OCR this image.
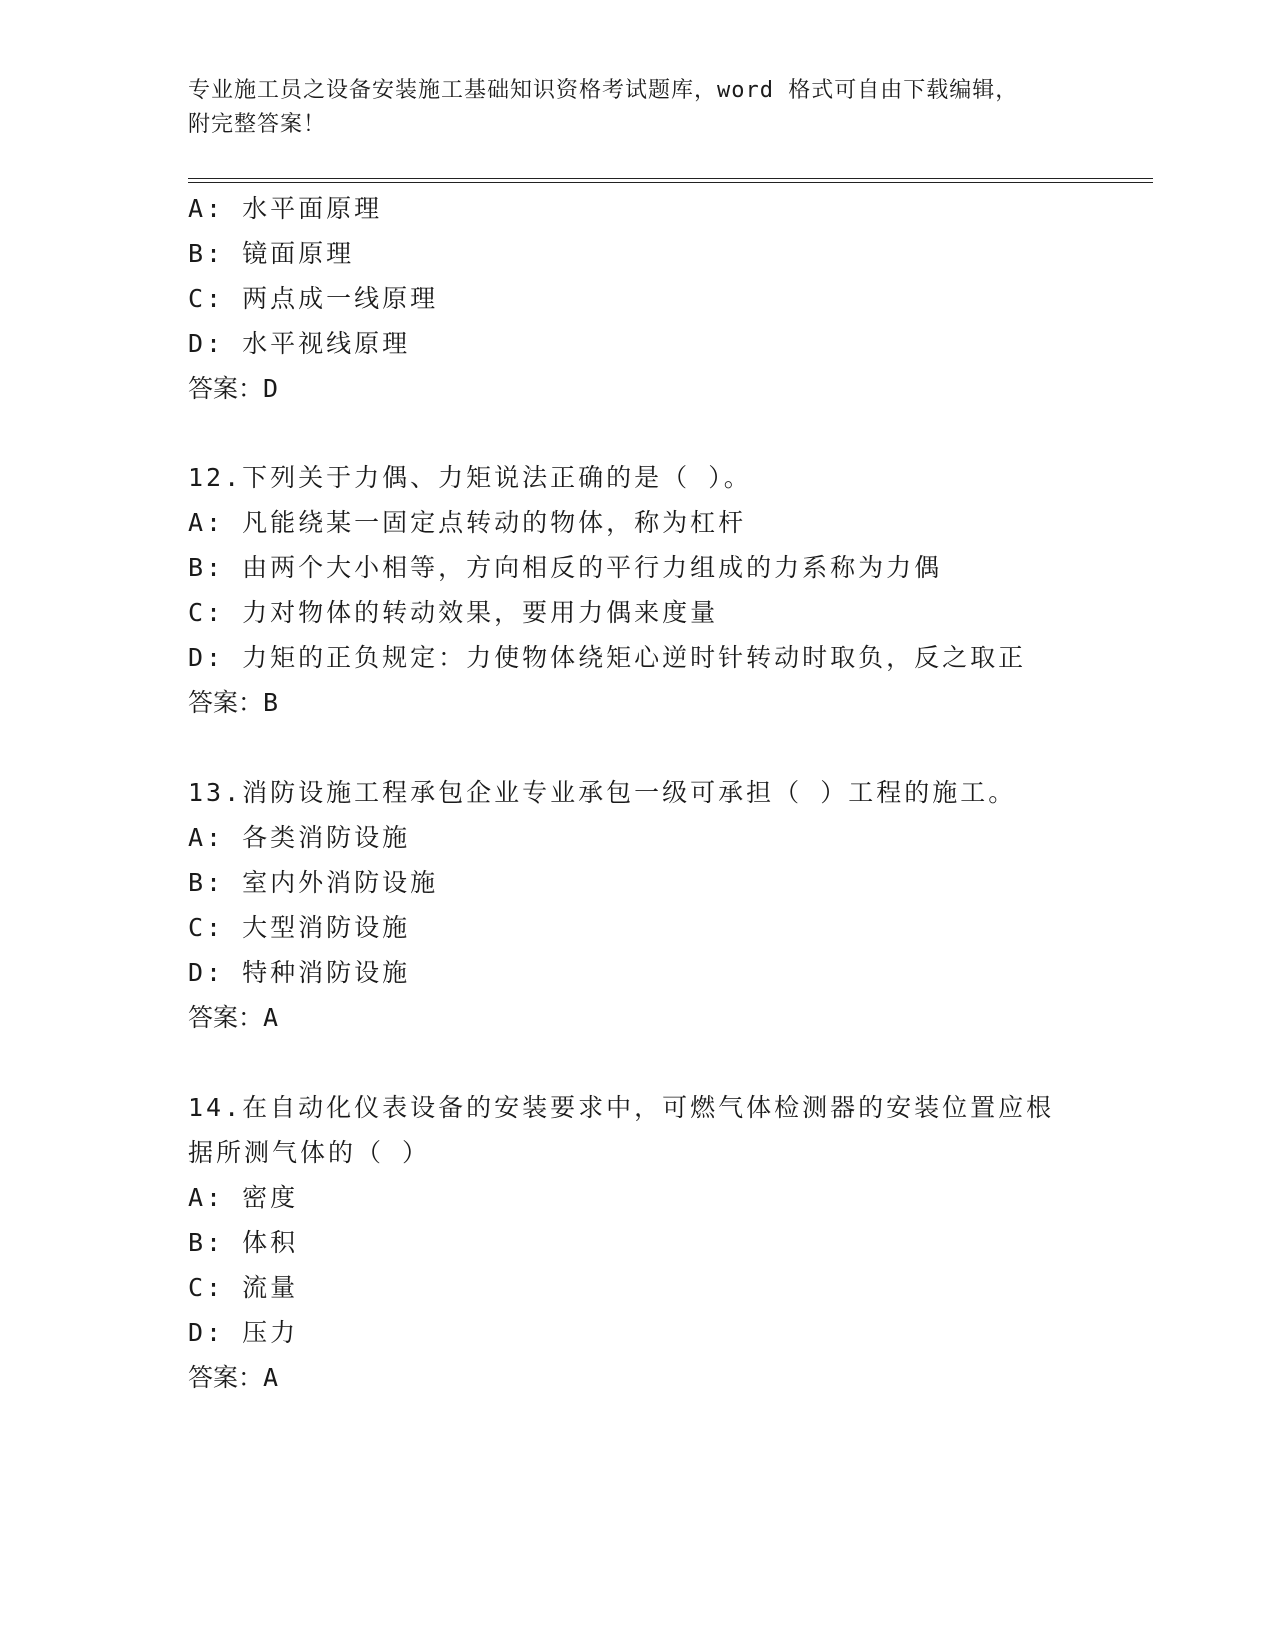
专业施工员之设备安装施工基础知识资格考试题库，word 格式可自由下载编辑，
附完整答案！
A: 水平面原理
B: 镜面原理
C: 两点成一线原理
D: 水平视线原理
答案：D
12.下列关于力偶、力矩说法正确的是（ ）。
A: 凡能绕某一固定点转动的物体，称为杠杆
B: 由两个大小相等，方向相反的平行力组成的力系称为力偶
C: 力对物体的转动效果，要用力偶来度量
D: 力矩的正负规定：力使物体绕矩心逆时针转动时取负，反之取正
答案：B
13.消防设施工程承包企业专业承包一级可承担（ ）工程的施工。
A: 各类消防设施
B: 室内外消防设施
C: 大型消防设施
D: 特种消防设施
答案：A
14.在自动化仪表设备的安装要求中，可燃气体检测器的安装位置应根
据所测气体的（ ）
A: 密度
B: 体积
C: 流量
D: 压力
答案：A
